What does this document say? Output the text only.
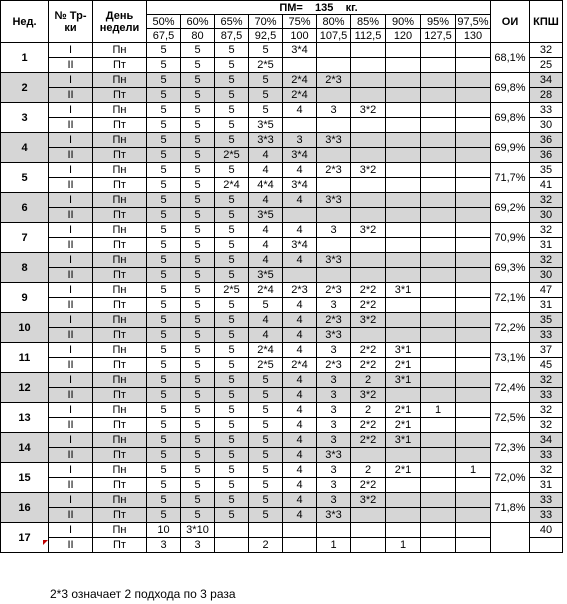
Нед.	№ Тр-
ки	День
недели	ПМ= 135 кг.										ОИ	КПШ
			50%	60%	65%	70%	75%	80%	85%	90%	95%	97,5%		
			67,5	80	87,5	92,5	100	107,5	112,5	120	127,5	130		
1	I	Пн	5	5	5	5	3*4						68,1%	32
	II	Пт	5	5	5	2*5								25
2	I	Пн	5	5	5	5	2*4	2*3					69,8%	34
	II	Пт	5	5	5	5	2*4							28
3	I	Пн	5	5	5	5	4	3	3*2				69,8%	33
	II	Пт	5	5	5	3*5								30
4	I	Пн	5	5	5	3*3	3	3*3					69,9%	36
	II	Пт	5	5	2*5	4	3*4							36
5	I	Пн	5	5	5	4	4	2*3	3*2				71,7%	35
	II	Пт	5	5	2*4	4*4	3*4							41
6	I	Пн	5	5	5	4	4	3*3					69,2%	32
	II	Пт	5	5	5	3*5								30
7	I	Пн	5	5	5	4	4	3	3*2				70,9%	32
	II	Пт	5	5	5	4	3*4							31
8	I	Пн	5	5	5	4	4	3*3					69,3%	32
	II	Пт	5	5	5	3*5								30
9	I	Пн	5	5	2*5	2*4	2*3	2*3	2*2	3*1			72,1%	47
	II	Пт	5	5	5	5	4	3	2*2					31
10	I	Пн	5	5	5	4	4	2*3	3*2				72,2%	35
	II	Пт	5	5	5	4	4	3*3						33
11	I	Пн	5	5	5	2*4	4	3	2*2	3*1			73,1%	37
	II	Пт	5	5	5	2*5	2*4	2*3	2*2	2*1				45
12	I	Пн	5	5	5	5	4	3	2	3*1			72,4%	32
	II	Пт	5	5	5	5	4	3	3*2					33
13	I	Пн	5	5	5	5	4	3	2	2*1	1		72,5%	32
	II	Пт	5	5	5	5	4	3	2*2	2*1				32
14	I	Пн	5	5	5	5	4	3	2*2	3*1			72,3%	34
	II	Пт	5	5	5	5	4	3*3						33
15	I	Пн	5	5	5	5	4	3	2	2*1		1	72,0%	32
	II	Пт	5	5	5	5	4	3	2*2					31
16	I	Пн	5	5	5	5	4	3	3*2				71,8%	33
	II	Пт	5	5	5	5	4	3*3						33
17	I	Пн	10	3*10										40
	II	Пт	3	3		2		1		1				
2*3 означает 2 подхода по 3 раза
